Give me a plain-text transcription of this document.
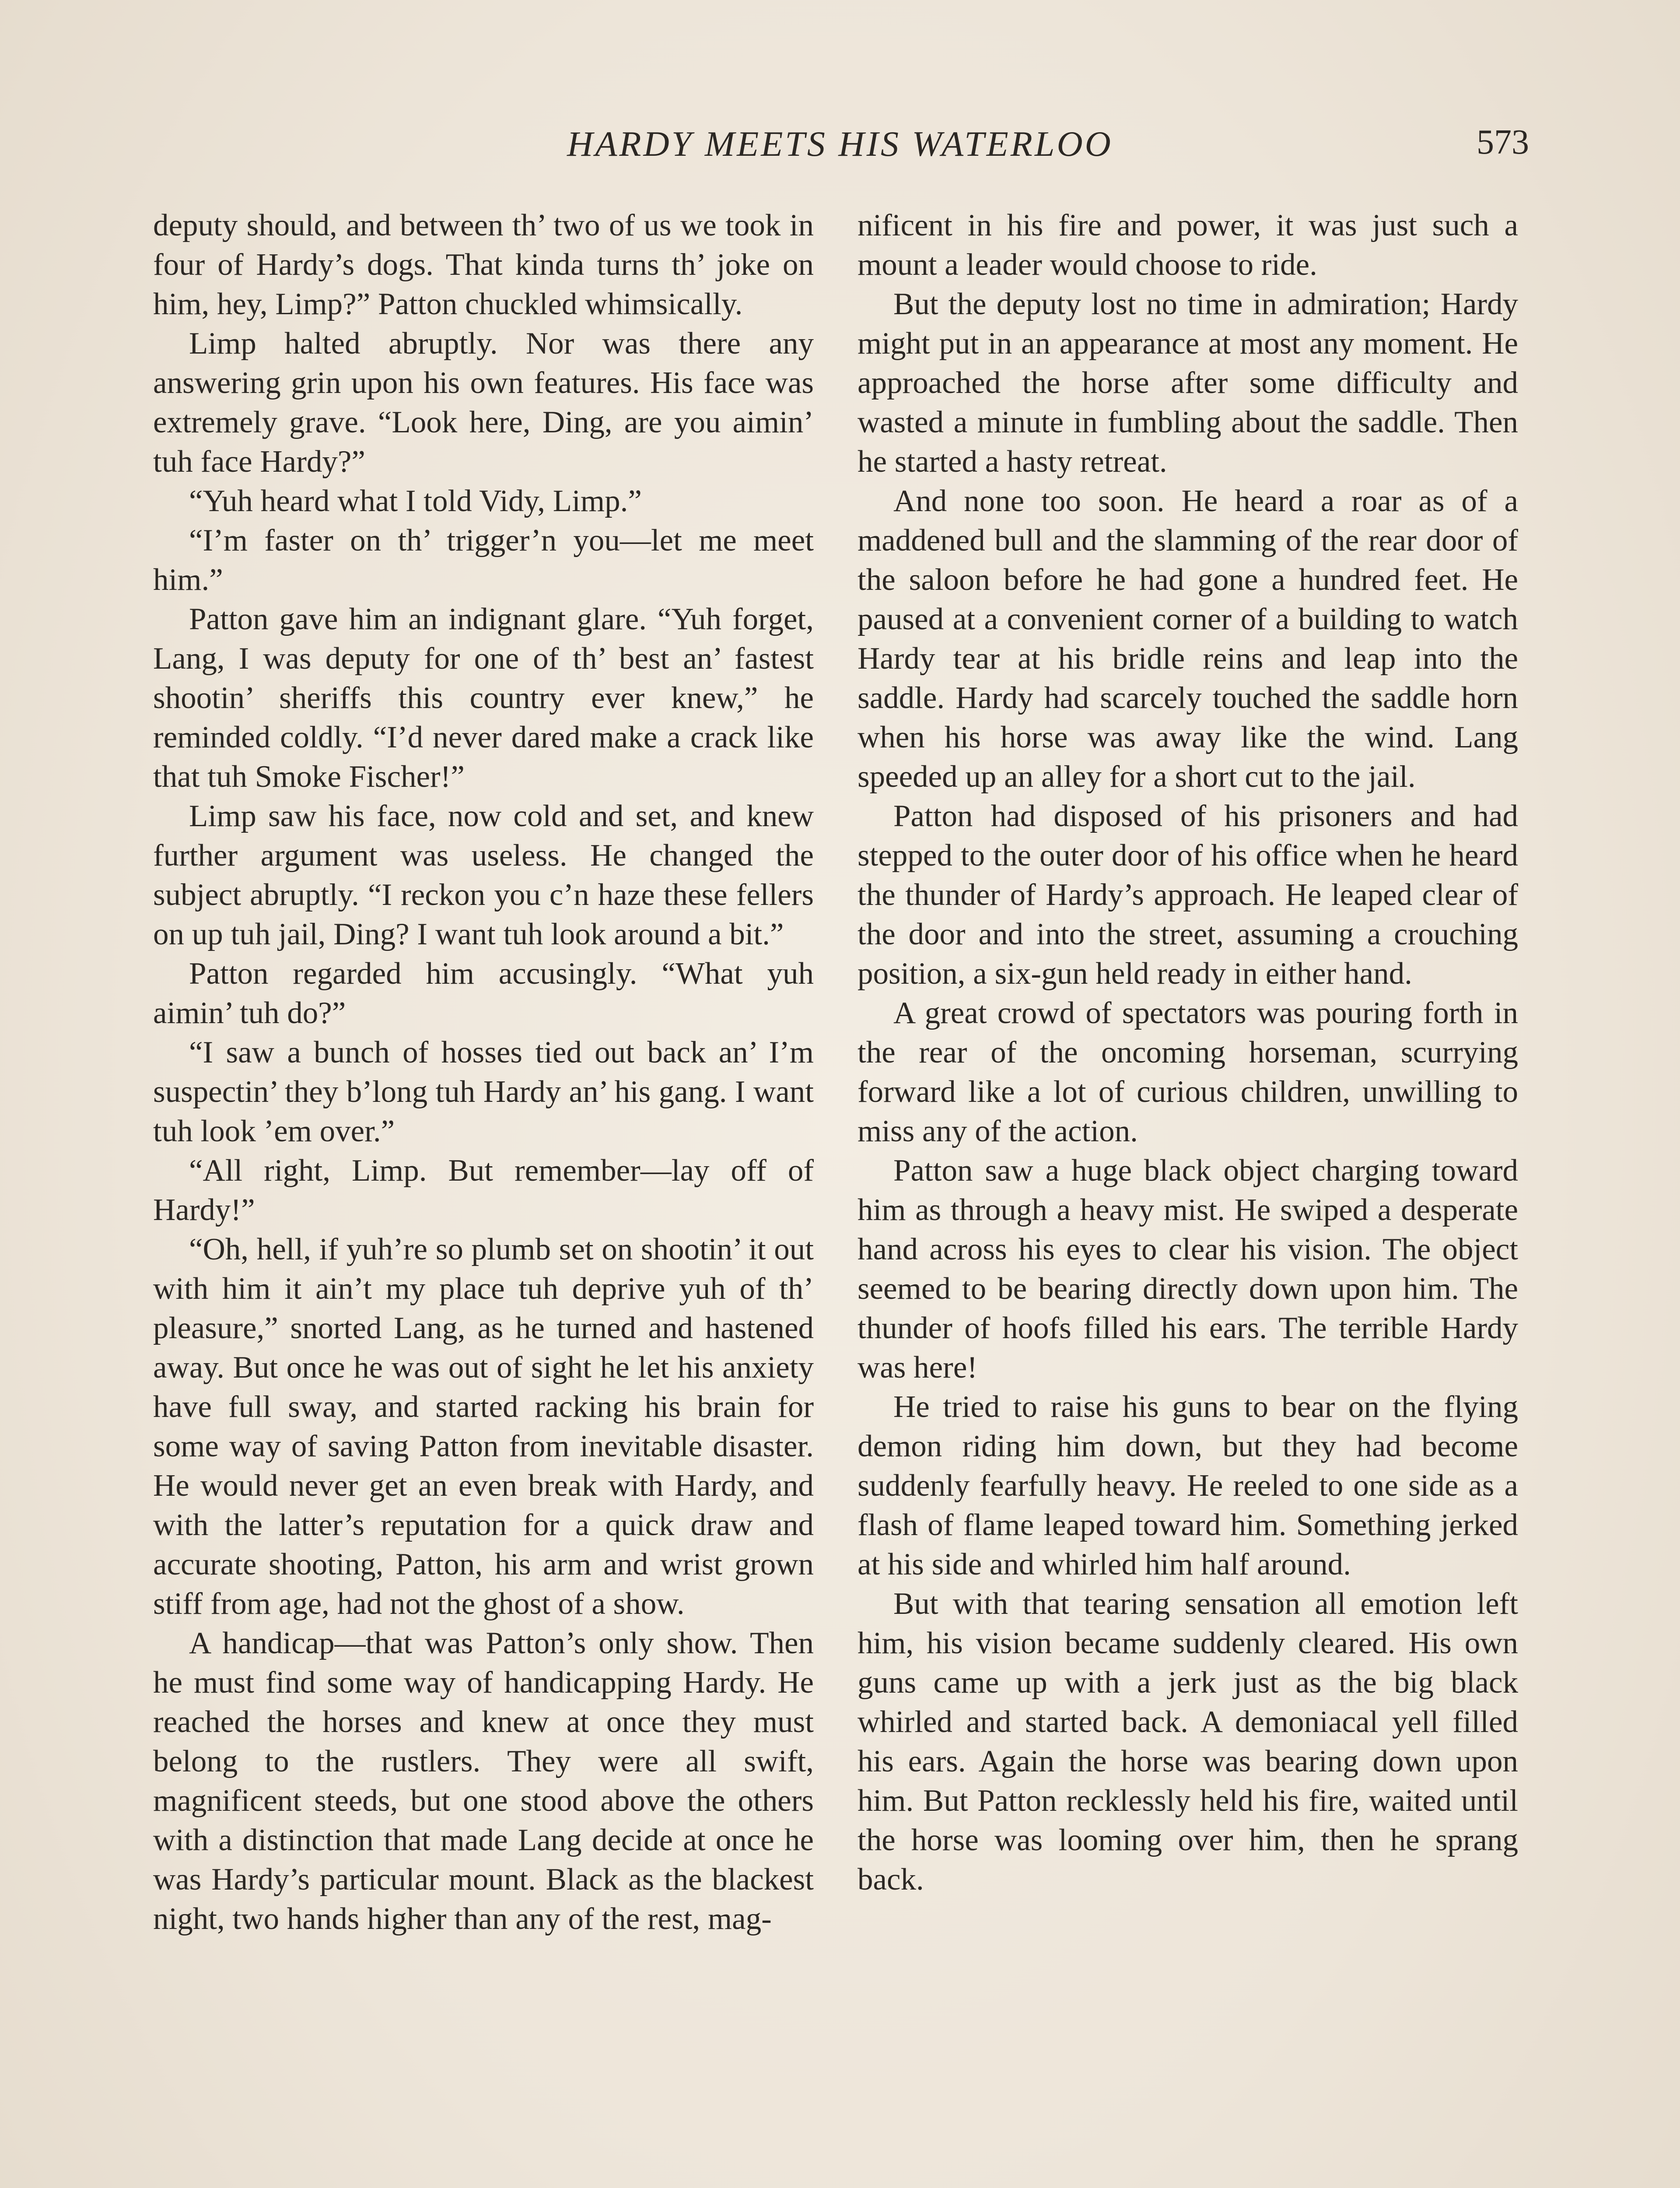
HARDY MEETS HIS WATERLOO	573

deputy should, and between th’ two of us we took in four of Hardy’s dogs. That kinda turns th’ joke on him, hey, Limp?” Patton chuckled whimsically.

Limp halted abruptly. Nor was there any answering grin upon his own features. His face was extremely grave. “Look here, Ding, are you aimin’ tuh face Hardy?”

“Yuh heard what I told Vidy, Limp.”

“I’m faster on th’ trigger’n you—let me meet him.”

Patton gave him an indignant glare. “Yuh forget, Lang, I was deputy for one of th’ best an’ fastest shootin’ sheriffs this country ever knew,” he reminded coldly. “I’d never dared make a crack like that tuh Smoke Fischer!”

Limp saw his face, now cold and set, and knew further argument was useless. He changed the subject abruptly. “I reckon you c’n haze these fellers on up tuh jail, Ding? I want tuh look around a bit.”

Patton regarded him accusingly. “What yuh aimin’ tuh do?”

“I saw a bunch of hosses tied out back an’ I’m suspectin’ they b’long tuh Hardy an’ his gang. I want tuh look ’em over.”

“All right, Limp. But remember—lay off of Hardy!”

“Oh, hell, if yuh’re so plumb set on shootin’ it out with him it ain’t my place tuh deprive yuh of th’ pleasure,” snorted Lang, as he turned and hastened away. But once he was out of sight he let his anxiety have full sway, and started racking his brain for some way of saving Patton from inevitable disaster. He would never get an even break with Hardy, and with the latter’s reputation for a quick draw and accurate shooting, Patton, his arm and wrist grown stiff from age, had not the ghost of a show.

A handicap—that was Patton’s only show. Then he must find some way of handicapping Hardy. He reached the horses and knew at once they must belong to the rustlers. They were all swift, magnificent steeds, but one stood above the others with a distinction that made Lang decide at once he was Hardy’s particular mount. Black as the blackest night, two hands higher than any of the rest, mag-

nificent in his fire and power, it was just such a mount a leader would choose to ride.

But the deputy lost no time in admiration; Hardy might put in an appearance at most any moment. He approached the horse after some difficulty and wasted a minute in fumbling about the saddle. Then he started a hasty retreat.

And none too soon. He heard a roar as of a maddened bull and the slamming of the rear door of the saloon before he had gone a hundred feet. He paused at a convenient corner of a building to watch Hardy tear at his bridle reins and leap into the saddle. Hardy had scarcely touched the saddle horn when his horse was away like the wind. Lang speeded up an alley for a short cut to the jail.

Patton had disposed of his prisoners and had stepped to the outer door of his office when he heard the thunder of Hardy’s approach. He leaped clear of the door and into the street, assuming a crouching position, a six-gun held ready in either hand.

A great crowd of spectators was pouring forth in the rear of the oncoming horseman, scurrying forward like a lot of curious children, unwilling to miss any of the action.

Patton saw a huge black object charging toward him as through a heavy mist. He swiped a desperate hand across his eyes to clear his vision. The object seemed to be bearing directly down upon him. The thunder of hoofs filled his ears. The terrible Hardy was here!

He tried to raise his guns to bear on the flying demon riding him down, but they had become suddenly fearfully heavy. He reeled to one side as a flash of flame leaped toward him. Something jerked at his side and whirled him half around.

But with that tearing sensation all emotion left him, his vision became suddenly cleared. His own guns came up with a jerk just as the big black whirled and started back. A demoniacal yell filled his ears. Again the horse was bearing down upon him. But Patton recklessly held his fire, waited until the horse was looming over him, then he sprang back.
